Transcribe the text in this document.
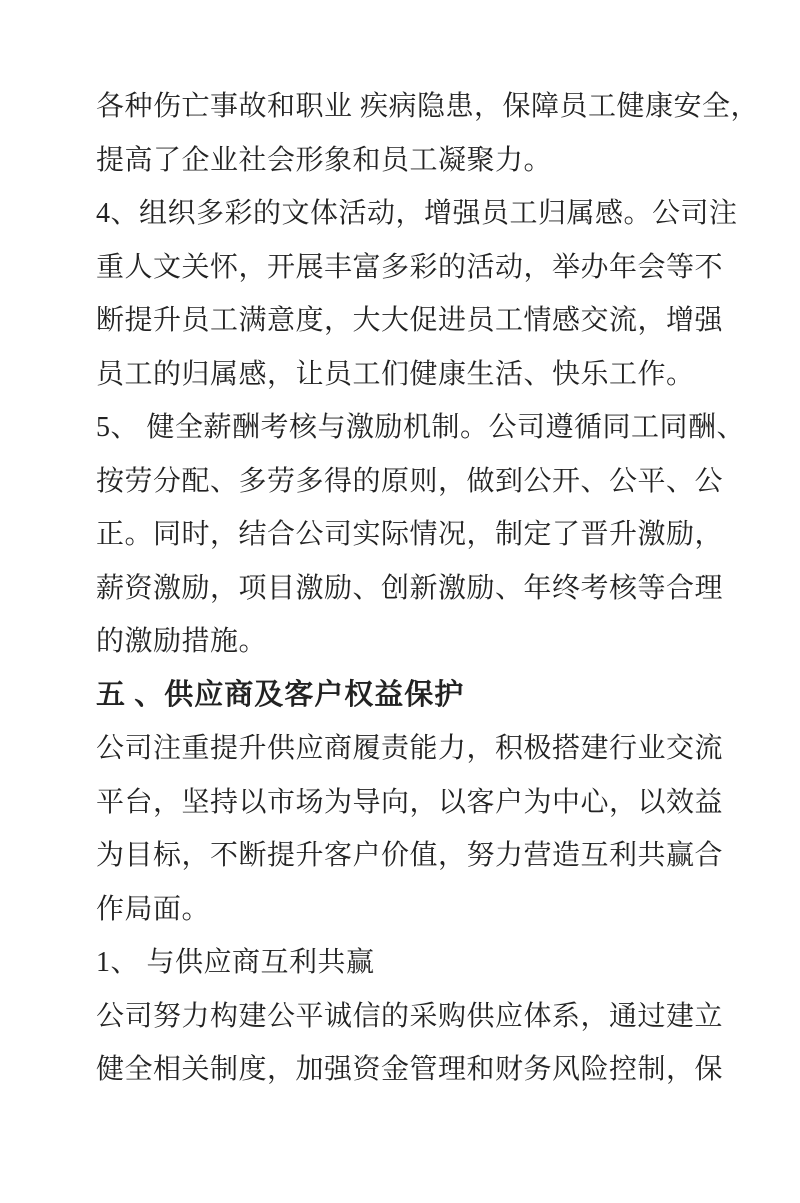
各种伤亡事故和职业 疾病隐患，保障员工健康安全，
提高了企业社会形象和员工凝聚力。
4、组织多彩的文体活动，增强员工归属感。公司注
重人文关怀，开展丰富多彩的活动，举办年会等不
断提升员工满意度，大大促进员工情感交流，增强
员工的归属感，让员工们健康生活、快乐工作。
5、 健全薪酬考核与激励机制。公司遵循同工同酬、
按劳分配、多劳多得的原则，做到公开、公平、公
正。同时，结合公司实际情况，制定了晋升激励，
薪资激励，项目激励、创新激励、年终考核等合理
的激励措施。
五 、供应商及客户权益保护
公司注重提升供应商履责能力，积极搭建行业交流
平台，坚持以市场为导向，以客户为中心，以效益
为目标，不断提升客户价值，努力营造互利共赢合
作局面。
1、 与供应商互利共赢
公司努力构建公平诚信的采购供应体系，通过建立
健全相关制度，加强资金管理和财务风险控制，保
